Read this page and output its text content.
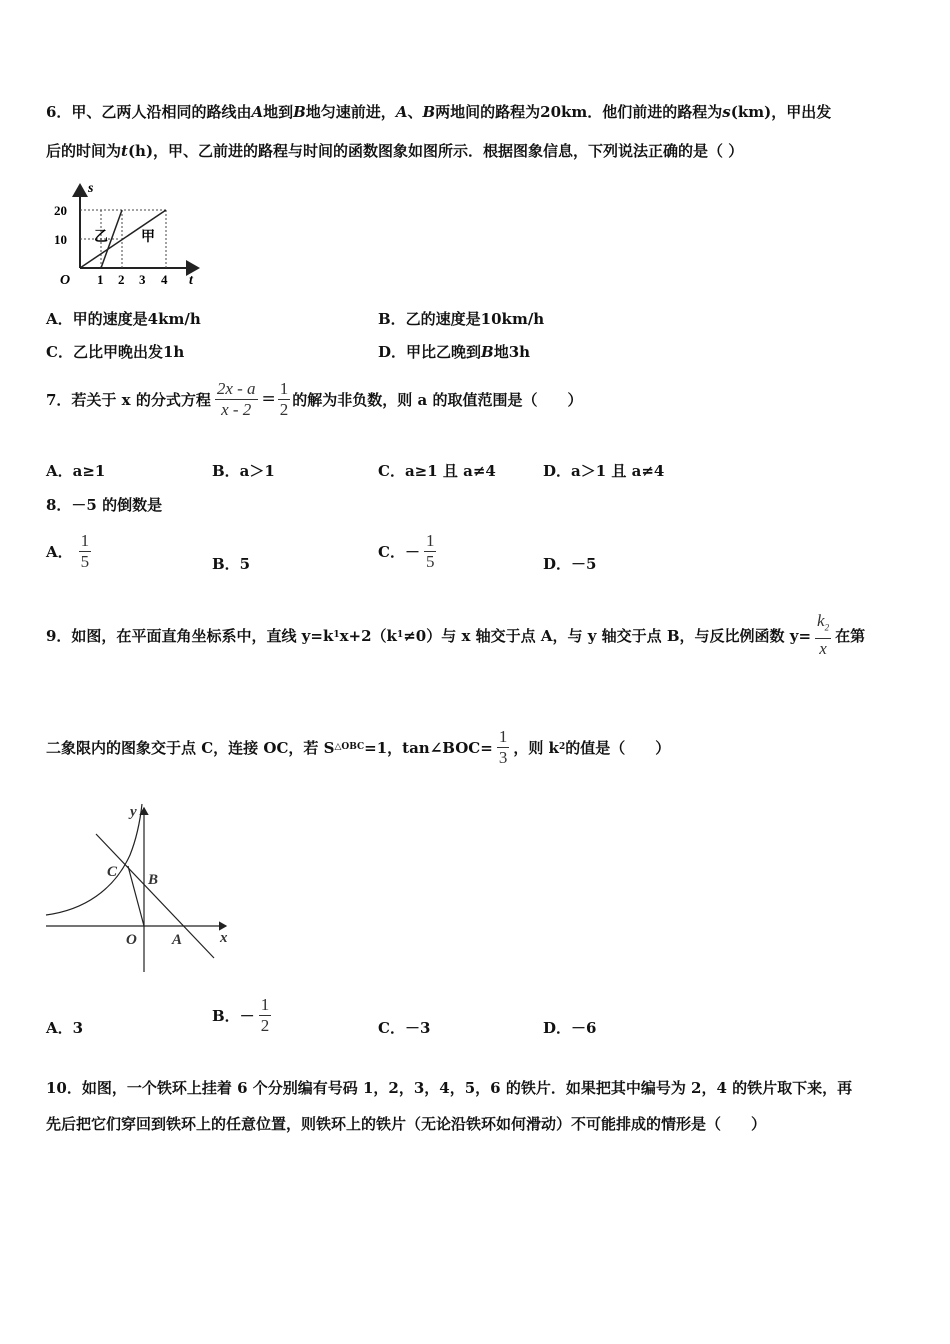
6．甲、乙两人沿相同的路线由A地到B地匀速前进，A、B两地间的路程为20km．他们前进的路程为s(km)，甲出发
后的时间为t(h)，甲、乙前进的路程与时间的函数图象如图所示．根据图象信息，下列说法正确的是（ ）
s
t
O
20
10
1 2 3 4
乙 甲
A．甲的速度是4km/h	B．乙的速度是10km/h
C．乙比甲晚出发1h	D．甲比乙晚到B地3h
7．若关于 x 的分式方程 $\frac{2x - a}{x - 2} = \frac{1}{2}$ 的解为非负数，则 a 的取值范围是（　　）
A．a≥1	B．a＞1	C．a≥1 且 a≠4	D．a＞1 且 a≠4
8．－5 的倒数是
A． $\frac{1}{5}$	B．5
C．－ $\frac{1}{5}$	D．－5
9．如图，在平面直角坐标系中，直线 y=k 1 x+2（k 1 ≠0）与 x 轴交于点 A，与 y 轴交于点 B，与反比例函数 $y= \frac{k_2}{x}$ 在第
二象限内的图象交于点 C，连接 OC，若 S △OBC =1，tan∠BOC= $\frac{1}{3}$ ，则 k 2 的值是（　　）
y
x
C B
O A
A．3
B．－ $\frac{1}{2}$	C．－3	D．－6
10．如图，一个铁环上挂着 6 个分别编有号码 1，2，3，4，5，6 的铁片．如果把其中编号为 2，4 的铁片取下来，再
先后把它们穿回到铁环上的任意位置，则铁环上的铁片（无论沿铁环如何滑动）不可能排成的情形是（　　）
